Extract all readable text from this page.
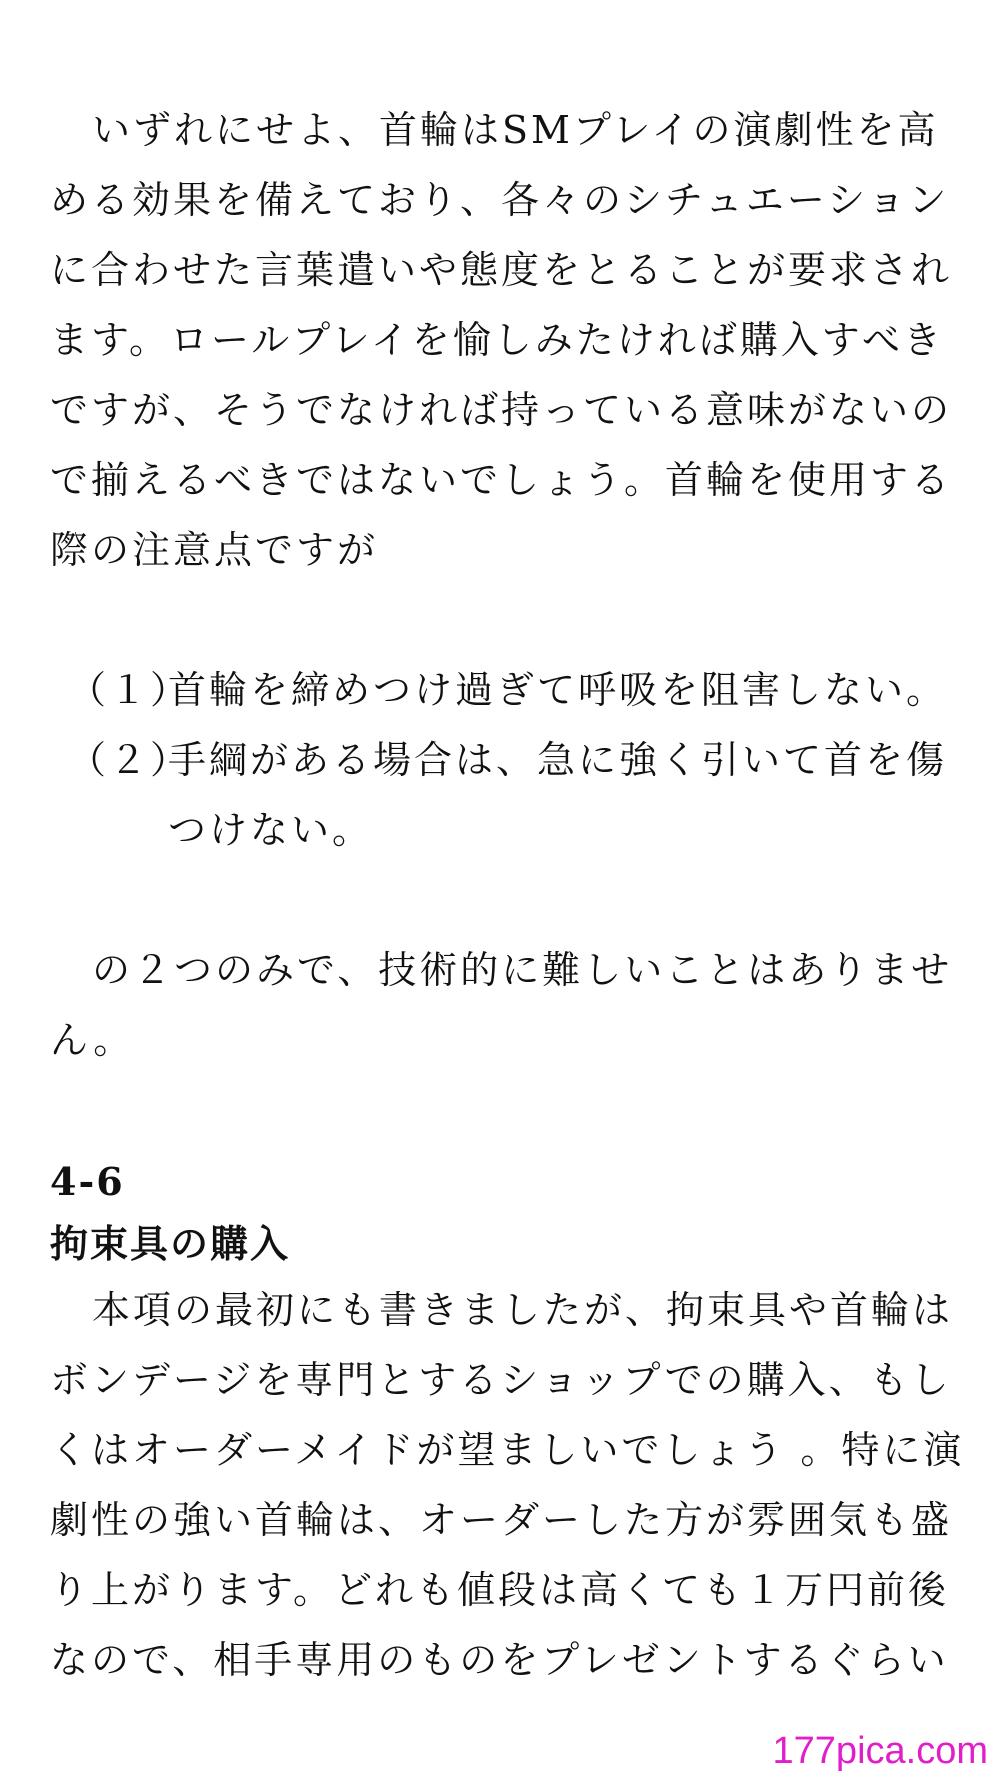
いずれにせよ、首輪はSMプレイの演劇性を高
める効果を備えており、各々のシチュエーション
に合わせた言葉遣いや態度をとることが要求され
ます。ロールプレイを愉しみたければ購入すべき
ですが、そうでなければ持っている意味がないの
で揃えるべきではないでしょう。首輪を使用する
際の注意点ですが
（１）首輪を締めつけ過ぎて呼吸を阻害しない。
（２）手綱がある場合は、急に強く引いて首を傷
つけない。
の２つのみで、技術的に難しいことはありませ
ん。
4-6
拘束具の購入
本項の最初にも書きましたが、拘束具や首輪は
ボンデージを専門とするショップでの購入、もし
くはオーダーメイドが望ましいでしょう 。特に演
劇性の強い首輪は、オーダーした方が雰囲気も盛
り上がります。どれも値段は高くても１万円前後
なので、相手専用のものをプレゼントするぐらい
177pica.com
